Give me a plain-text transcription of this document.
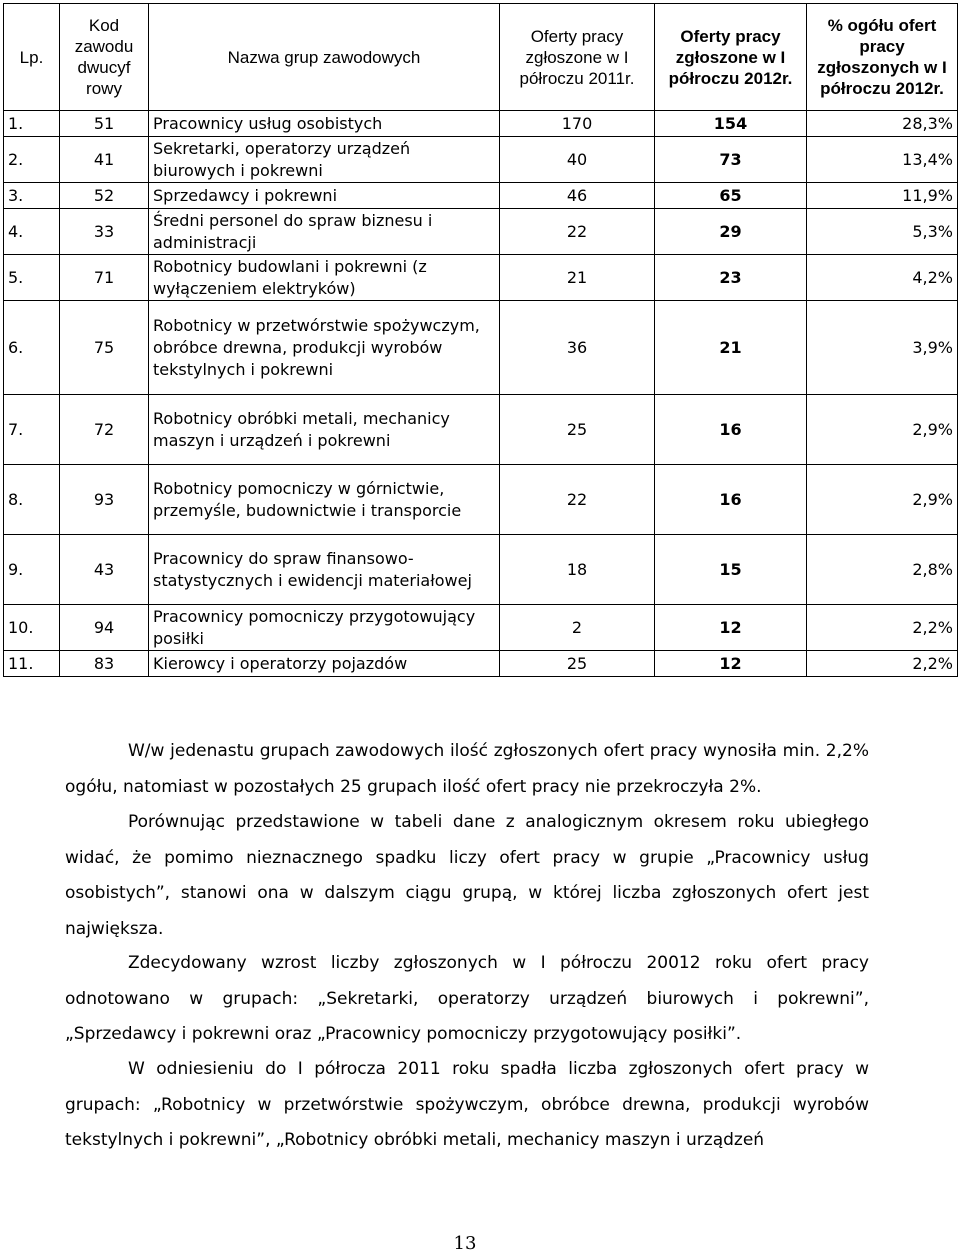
Lp.	Kod zawodu dwucyf rowy	Nazwa grup zawodowych	Oferty pracy zgłoszone w I półroczu 2011r.	Oferty pracy zgłoszone w I półroczu 2012r.	% ogółu ofert pracy zgłoszonych w I półroczu 2012r.
1.	51	Pracownicy usług osobistych	170	154	28,3%
2.	41	Sekretarki, operatorzy urządzeń biurowych i pokrewni	40	73	13,4%
3.	52	Sprzedawcy i pokrewni	46	65	11,9%
4.	33	Średni personel do spraw biznesu i administracji	22	29	5,3%
5.	71	Robotnicy budowlani i pokrewni (z wyłączeniem elektryków)	21	23	4,2%
6.	75	Robotnicy w przetwórstwie spożywczym, obróbce drewna, produkcji wyrobów tekstylnych i pokrewni	36	21	3,9%
7.	72	Robotnicy obróbki metali, mechanicy maszyn i urządzeń i pokrewni	25	16	2,9%
8.	93	Robotnicy pomocniczy w górnictwie, przemyśle, budownictwie i transporcie	22	16	2,9%
9.	43	Pracownicy do spraw finansowo-statystycznych i ewidencji materiałowej	18	15	2,8%
10.	94	Pracownicy pomocniczy przygotowujący posiłki	2	12	2,2%
11.	83	Kierowcy i operatorzy pojazdów	25	12	2,2%

W/w jedenastu grupach zawodowych ilość zgłoszonych ofert pracy wynosiła min. 2,2% ogółu, natomiast w pozostałych 25 grupach ilość ofert pracy nie przekroczyła 2%.

Porównując przedstawione w tabeli dane z analogicznym okresem roku ubiegłego widać, że pomimo nieznacznego spadku liczy ofert pracy w grupie „Pracownicy usług osobistych”, stanowi ona w dalszym ciągu grupą, w której liczba zgłoszonych ofert jest największa.

Zdecydowany wzrost liczby zgłoszonych w I półroczu 20012 roku ofert pracy odnotowano w grupach: „Sekretarki, operatorzy urządzeń biurowych i pokrewni”, „Sprzedawcy i pokrewni oraz „Pracownicy pomocniczy przygotowujący posiłki”.

W odniesieniu do I półrocza 2011 roku spadła liczba zgłoszonych ofert pracy w grupach: „Robotnicy w przetwórstwie spożywczym, obróbce drewna, produkcji wyrobów tekstylnych i pokrewni”, „Robotnicy obróbki metali, mechanicy maszyn i urządzeń

13
